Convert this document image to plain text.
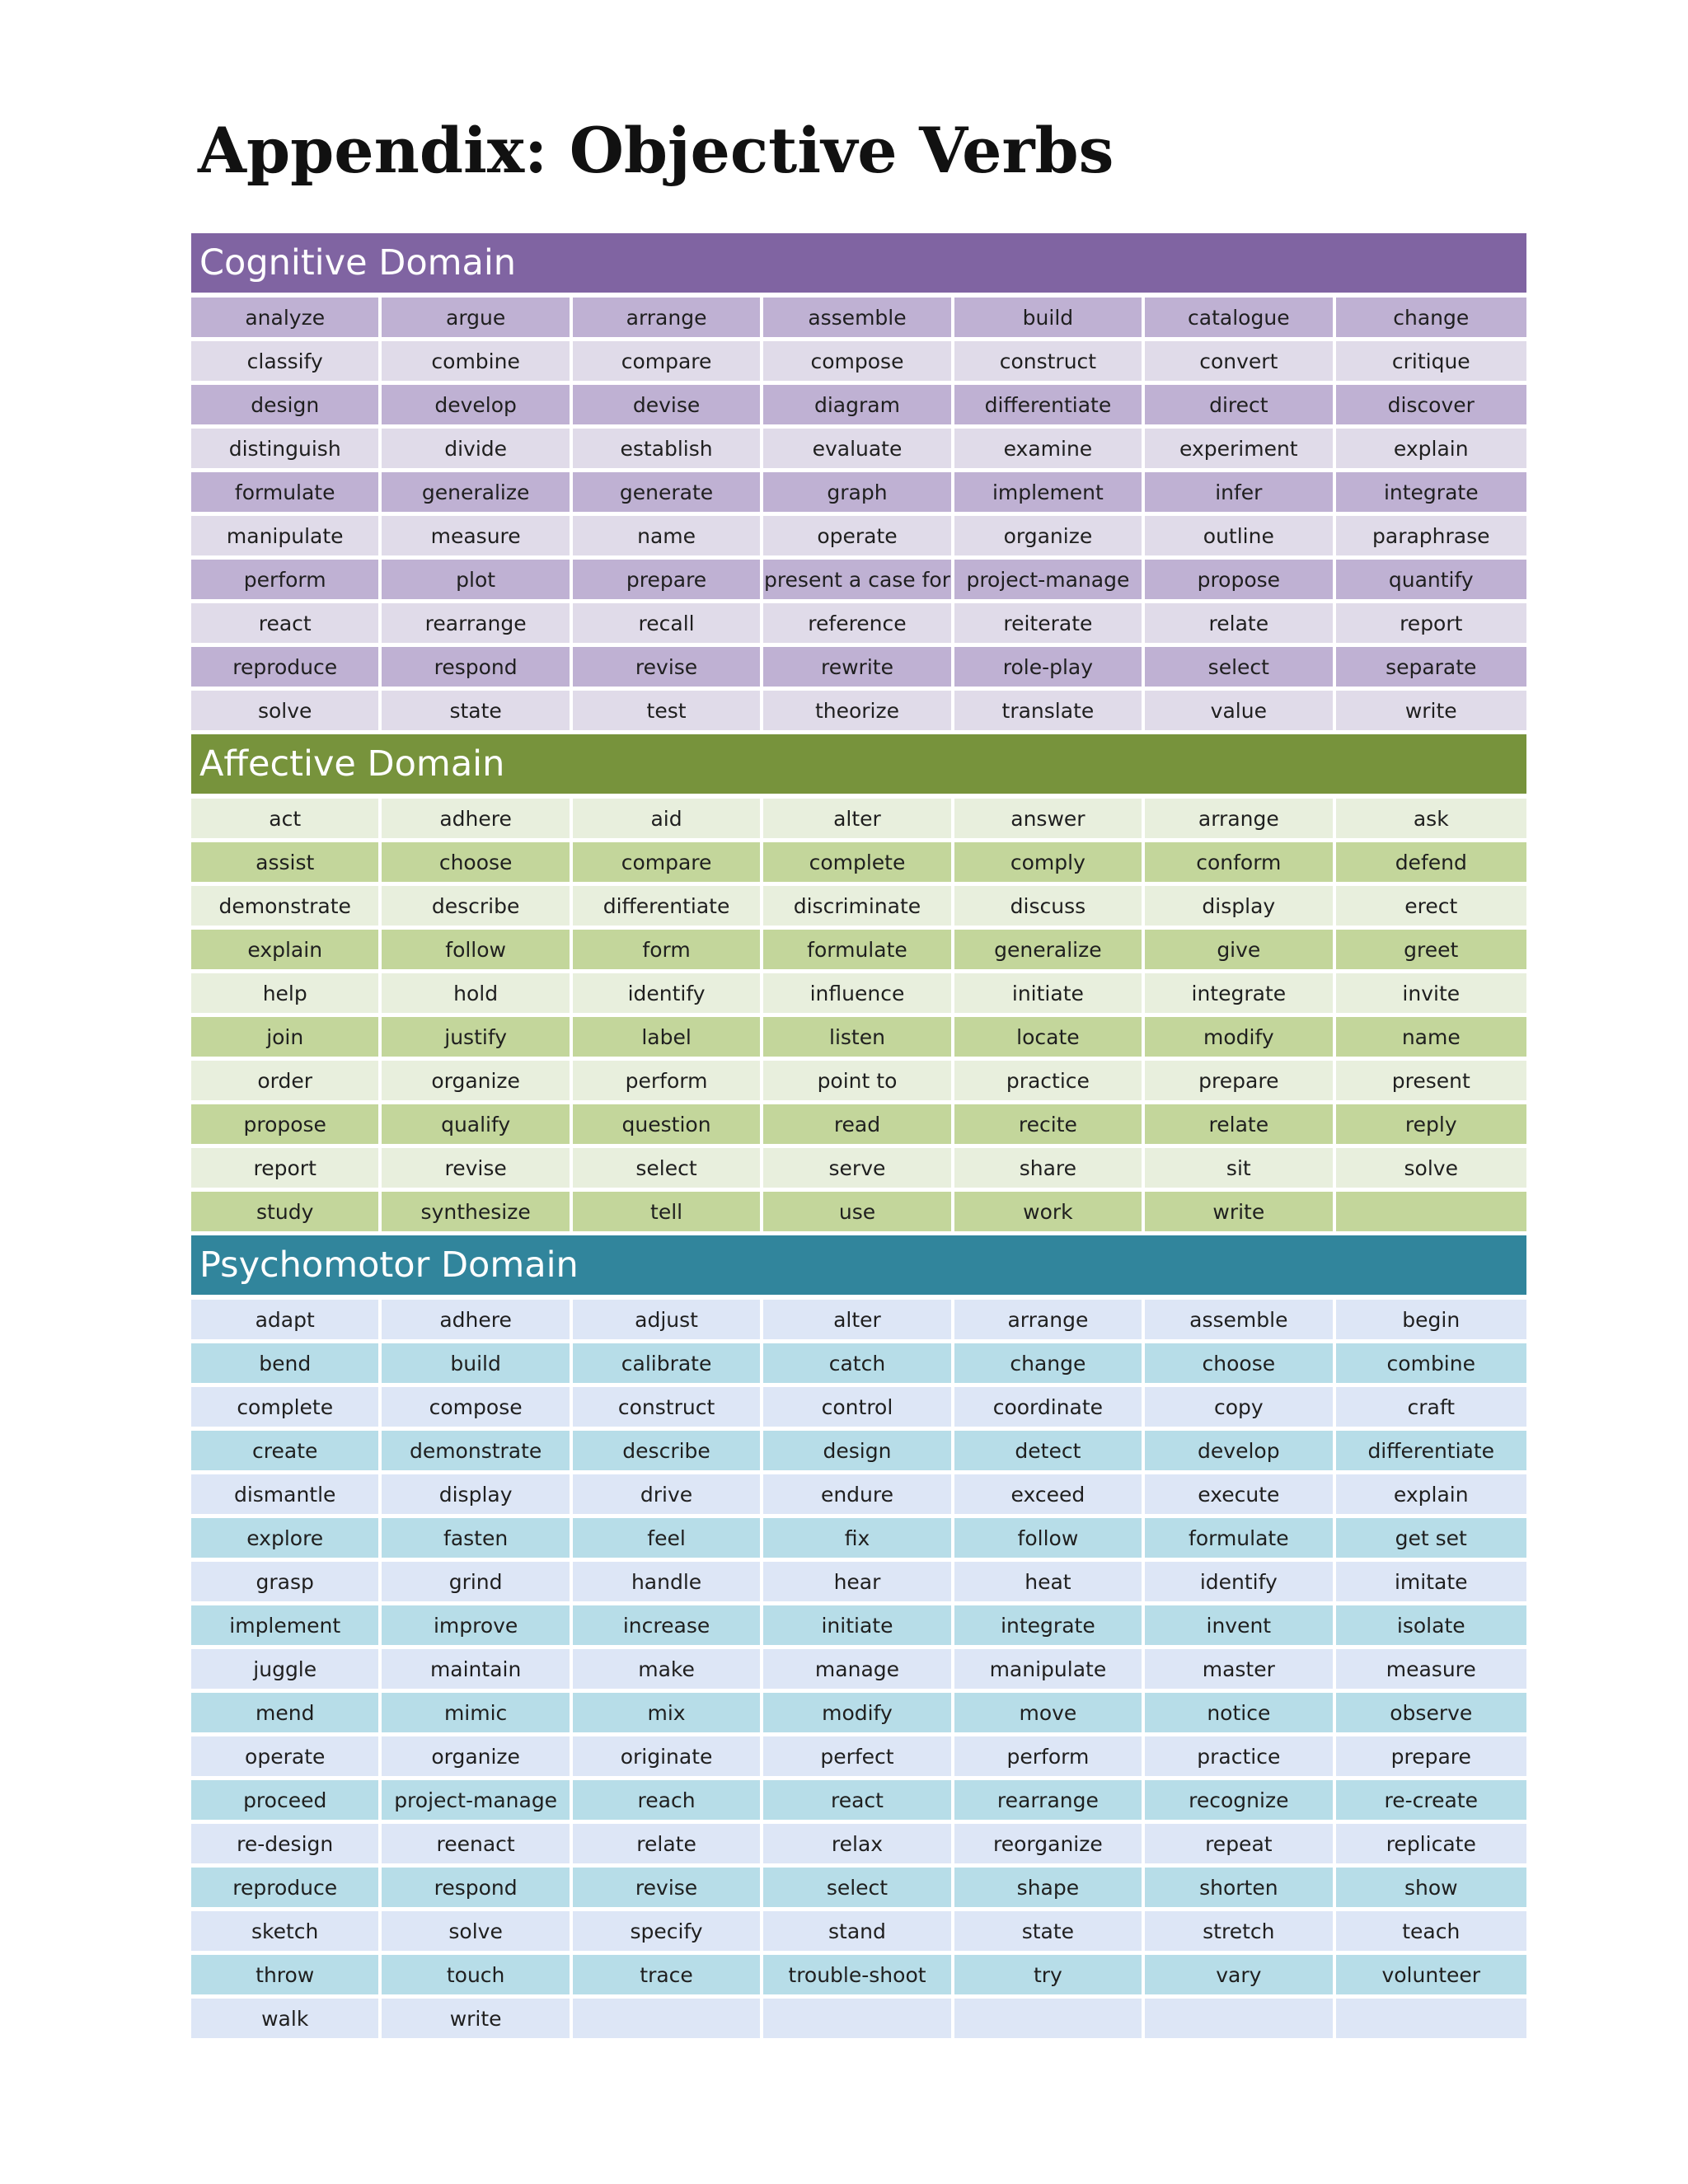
Appendix: Objective Verbs
Cognitive Domain
analyze	argue	arrange	assemble	build	catalogue	change
classify	combine	compare	compose	construct	convert	critique
design	develop	devise	diagram	differentiate	direct	discover
distinguish	divide	establish	evaluate	examine	experiment	explain
formulate	generalize	generate	graph	implement	infer	integrate
manipulate	measure	name	operate	organize	outline	paraphrase
perform	plot	prepare	present a case for	project-manage	propose	quantify
react	rearrange	recall	reference	reiterate	relate	report
reproduce	respond	revise	rewrite	role-play	select	separate
solve	state	test	theorize	translate	value	write
Affective Domain
act	adhere	aid	alter	answer	arrange	ask
assist	choose	compare	complete	comply	conform	defend
demonstrate	describe	differentiate	discriminate	discuss	display	erect
explain	follow	form	formulate	generalize	give	greet
help	hold	identify	influence	initiate	integrate	invite
join	justify	label	listen	locate	modify	name
order	organize	perform	point to	practice	prepare	present
propose	qualify	question	read	recite	relate	reply
report	revise	select	serve	share	sit	solve
study	synthesize	tell	use	work	write	
Psychomotor Domain
adapt	adhere	adjust	alter	arrange	assemble	begin
bend	build	calibrate	catch	change	choose	combine
complete	compose	construct	control	coordinate	copy	craft
create	demonstrate	describe	design	detect	develop	differentiate
dismantle	display	drive	endure	exceed	execute	explain
explore	fasten	feel	fix	follow	formulate	get set
grasp	grind	handle	hear	heat	identify	imitate
implement	improve	increase	initiate	integrate	invent	isolate
juggle	maintain	make	manage	manipulate	master	measure
mend	mimic	mix	modify	move	notice	observe
operate	organize	originate	perfect	perform	practice	prepare
proceed	project-manage	reach	react	rearrange	recognize	re-create
re-design	reenact	relate	relax	reorganize	repeat	replicate
reproduce	respond	revise	select	shape	shorten	show
sketch	solve	specify	stand	state	stretch	teach
throw	touch	trace	trouble-shoot	try	vary	volunteer
walk	write					
